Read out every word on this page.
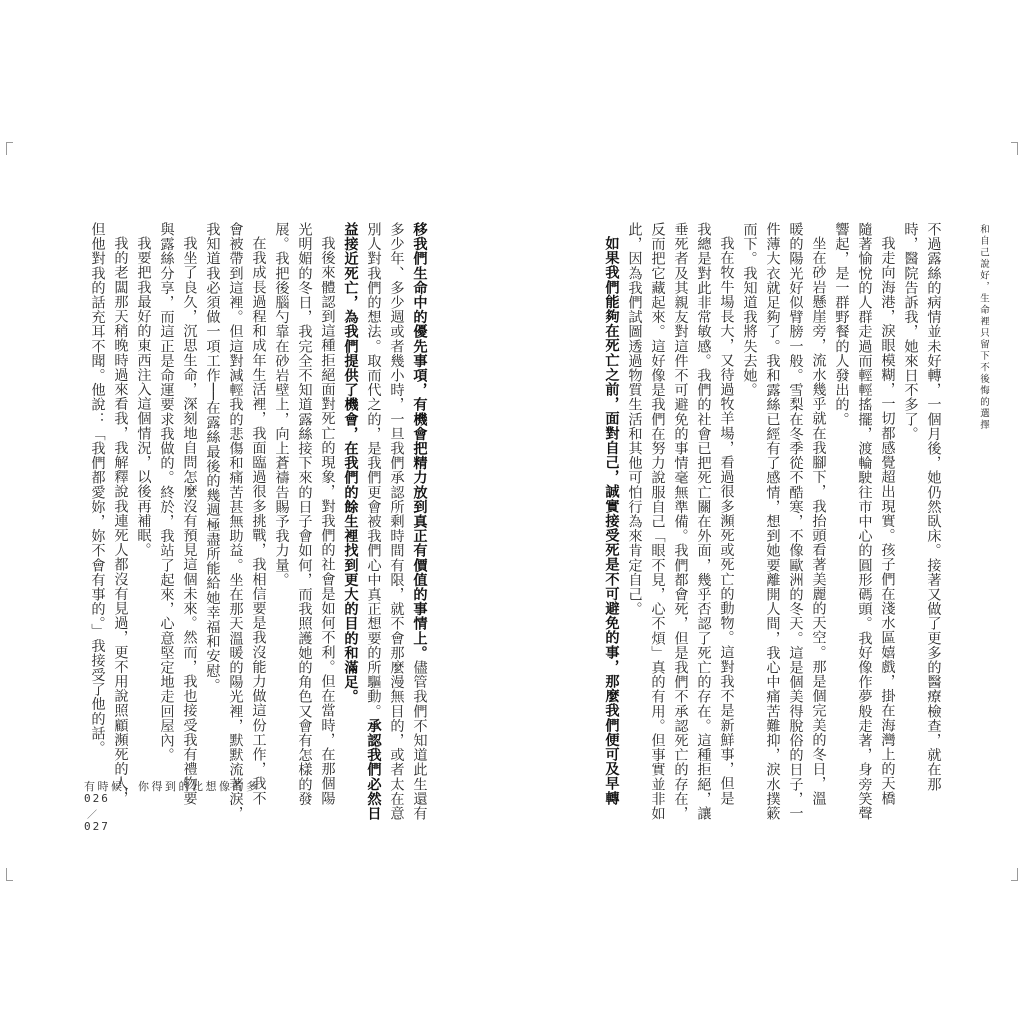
和自己說好，生命裡只留下不後悔的選擇
不過露絲的病情並未好轉，一個月後，她仍然臥床。接著又做了更多的醫療檢查，就在那
時，醫院告訴我，她來日不多了。
我走向海港，淚眼模糊，一切都感覺超出現實。孩子們在淺水區嬉戲，掛在海灣上的天橋
隨著愉悅的人群走過而輕輕搖擺，渡輪駛往市中心的圓形碼頭。我好像作夢般走著，身旁笑聲
響起，是一群野餐的人發出的。
坐在砂岩懸崖旁，流水幾乎就在我腳下，我抬頭看著美麗的天空。那是個完美的冬日，溫
暖的陽光好似臂膀一般。雪梨在冬季從不酷寒，不像歐洲的冬天。這是個美得脫俗的日子，一
件薄大衣就足夠了。我和露絲已經有了感情，想到她要離開人間，我心中痛苦難抑，淚水撲簌
而下。我知道我將失去她。
我在牧牛場長大，又待過牧羊場，看過很多瀕死或死亡的動物。這對我不是新鮮事，但是
我總是對此非常敏感。我們的社會已把死亡關在外面，幾乎否認了死亡的存在。這種拒絕，讓
垂死者及其親友對這件不可避免的事情毫無準備。我們都會死，但是我們不承認死亡的存在，
反而把它藏起來。這好像是我們在努力說服自己「眼不見，心不煩」真的有用。但事實並非如
此，因為我們試圖透過物質生活和其他可怕行為來肯定自己。
如果我們能夠在死亡之前，面對自己，誠實接受死是不可避免的事，那麼我們便可及早轉
移我們生命中的優先事項，有機會把精力放到真正有價值的事情上。儘管我們不知道此生還有
多少年、多少週或者幾小時，一旦我們承認所剩時間有限，就不會那麼漫無目的，或者太在意
別人對我們的想法。取而代之的，是我們更會被我們心中真正想要的所驅動。承認我們必然日
益接近死亡，為我們提供了機會，在我們的餘生裡找到更大的目的和滿足。
我後來體認到這種拒絕面對死亡的現象，對我們的社會是如何不利。但在當時，在那個陽
光明媚的冬日，我完全不知道露絲接下來的日子會如何，而我照護她的角色又會有怎樣的發
展。我把後腦勺靠在砂岩壁上，向上蒼禱告賜予我力量。
在我成長過程和成年生活裡，我面臨過很多挑戰，我相信要是我沒能力做這份工作，我不
會被帶到這裡。但這對減輕我的悲傷和痛苦甚無助益。坐在那天溫暖的陽光裡，默默流著淚，
我知道我必須做一項工作──在露絲最後的幾週極盡所能給她幸福和安慰。
我坐了良久，沉思生命，深刻地自問怎麼沒有預見這個未來。然而，我也接受我有禮物要
與露絲分享，而這正是命運要求我做的。終於，我站了起來，心意堅定地走回屋內。
我要把我最好的東西注入這個情況，以後再補眠。
我的老闆那天稍晚時過來看我，我解釋說我連死人都沒有見過，更不用說照顧瀕死的人，
但他對我的話充耳不聞。他說：「我們都愛妳，妳不會有事的。」我接受了他的話。
有時候，你得到的比想像的多
026
／
027
